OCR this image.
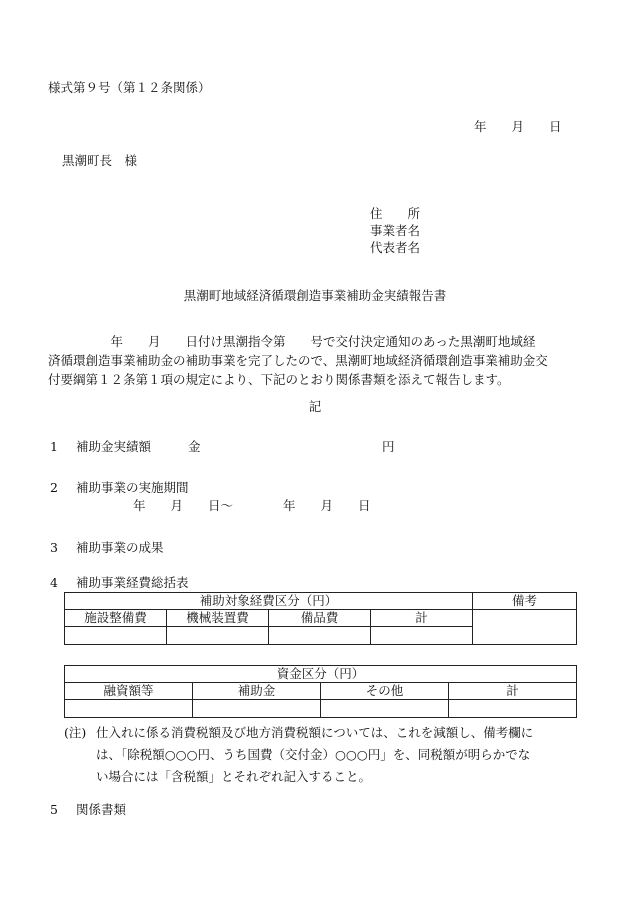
様式第９号（第１２条関係）
年　　月　　日
黒潮町長　様
住　　所
事業者名
代表者名
黒潮町地域経済循環創造事業補助金実績報告書
　　　　　年　　月　　日付け黒潮指令第　　号で交付決定通知のあった黒潮町地域経
済循環創造事業補助金の補助事業を完了したので、黒潮町地域経済循環創造事業補助金交
付要綱第１２条第１項の規定により、下記のとおり関係書類を添えて報告します。
記
1 補助金実績額	金	円
2 補助事業の実施期間
年　　月　　日〜　　　　年　　月　　日
3 補助事業の成果
4 補助事業経費総括表
補助対象経費区分（円）				備考
施設整備費	機械装置費	備品費	計	

資金区分（円）			
融資額等	補助金	その他	計

(注) 仕入れに係る消費税額及び地方消費税額については、これを減額し、備考欄に
は、「除税額○○○円、うち国費（交付金）○○○円」を、同税額が明らかでな
い場合には「含税額」とそれぞれ記入すること。
5 関係書類
